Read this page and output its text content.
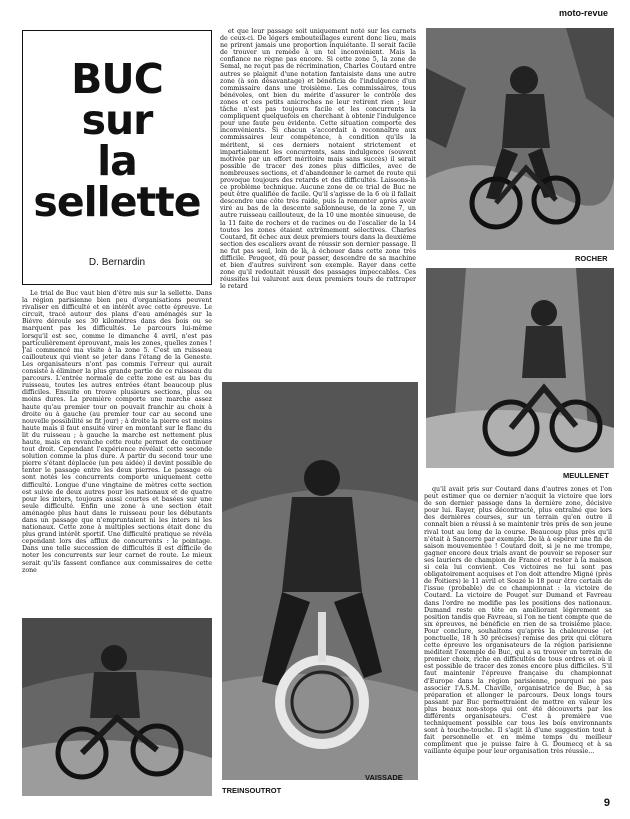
moto-revue
BUC
sur
la
sellette
D. Bernardin

Le trial de Buc vaut bien d'être mis sur la sellette. Dans la région parisienne bien peu d'organisations peuvent rivaliser en difficulté et en intérêt avec cette épreuve. Le circuit, tracé autour des plans d'eau aménagés sur la Bièvre déroule ses 30 kilomètres dans des bois ou se marquent pas les difficultés. Le parcours lui-même lorsqu'il est sec, comme le dimanche 4 avril, n'est pas particulièrement éprouvant, mais les zones, quelles zones ! J'ai commencé ma visite à la zone 5. C'est un ruisseau caillouteux qui vient se jeter dans l'étang de la Geneste. Les organisateurs n'ont pas commis l'erreur qui aurait consisté à éliminer la plus grande partie de ce ruisseau du parcours. L'entrée normale de cette zone est au bas du ruisseau, toutes les autres entrées étant beaucoup plus difficiles. Ensuite on trouve plusieurs sections, plus ou moins dures. La première comporte une marche assez haute qu'au premier tour on pouvait franchir au choix à droite ou à gauche (au premier tour car au second une nouvelle possibilité se fit jour) ; à droite la pierre est moins haute mais il faut ensuite virer en montant sur le flanc du lit du ruisseau ; à gauche la marche est nettement plus haute, mais en revanche cette route permet de continuer tout droit. Cependant l'expérience révélait cette seconde solution comme la plus dure. A partir du second tour une pierre s'étant déplacée (un peu aidée) il devint possible de tenter le passage entre les deux pierres. Le passage où sont notés les concurrents comporte uniquement cette difficulté. Longue d'une vingtaine de mètres cette section est suivie de deux autres pour les nationaux et de quatre pour les inters, toujours aussi courtes et basées sur une seule difficulté. Enfin une zone à une section était aménagée plus haut dans le ruisseau pour les débutants dans un passage que n'empruntaient ni les inters ni les nationaux. Cette zone à multiples sections était donc du plus grand intérêt sportif. Une difficulté pratique se révéla cependant lors des afflux de concurrents : le pointage. Dans une telle succession de difficultés il est difficile de noter les concurrents sur leur carnet de route. Le mieux serait qu'ils fassent confiance aux commissaires de cette zone

et que leur passage soit uniquement noté sur les carnets de ceux-ci. De légers embouteillages eurent donc lieu, mais ne prirent jamais une proportion inquiétante. Il serait facile de trouver un remède à un tel inconvénient. Mais la confiance ne règne pas encore. Si cette zone 5, la zone de Semal, ne reçut pas de récrimination, Charles Coutard entre autres se plaignit d'une notation fantaisiste dans une autre zone (à son désavantage) et bénéficia de l'indulgence d'un commissaire dans une troisième. Les commissaires, tous bénévoles, ont bien du mérite d'assurer le contrôle des zones et ces petits anicroches ne leur retirent rien ; leur tâche n'est pas toujours facile et les concurrents la compliquent quelquefois en cherchant à obtenir l'indulgence pour une faute peu évidente. Cette situation comporte des inconvénients. Si chacun s'accordait à reconnaître aux commissaires leur compétence, à condition qu'ils la méritent, si ces derniers notaient strictement et impartialement les concurrents, sans indulgence (souvent motivée par un effort méritoire mais sans succès) il serait possible de tracer des zones plus difficiles, avec de nombreuses sections, et d'abandonner le carnet de route qui provoque toujours des retards et des difficultés. Laissons-là ce problème technique. Aucune zone de ce trial de Buc ne peut être qualifiée de facile. Qu'il s'agisse de la 6 où il fallait descendre une côte très raide, puis la remonter après avoir viré au bas de la descente sablonneuse, de la zone 7, un autre ruisseau caillouteux, de la 10 une montée sinueuse, de la 11 faite de rochers et de racines ou de l'escalier de la 14 toutes les zones étaient extrêmement sélectives. Charles Coutard, fit échec aux deux premiers tours dans la deuxième section des escaliers avant de réussir son dernier passage. Il ne fut pas seul, loin de là, à échouer dans cette zone très difficile. Peugeot, dû pour passer, descendre de sa machine et bien d'autres suivirent son exemple. Rayer dans cette zone qu'il redoutait réussit des passages impeccables. Ces réussites lui valurent aux deux premiers tours de rattraper le retard

qu'il avait pris sur Coutard dans d'autres zones et l'on peut estimer que ce dernier n'acquit la victoire que lors de son dernier passage dans la dernière zone, décisive pour lui. Rayer, plus décontracté, plus entraîné que lors des dernières courses, sur un terrain qu'en outre il connaît bien a réussi à se maintenir très près de son jeune rival tout au long de la course. Beaucoup plus près qu'il n'était à Sancerre par exemple. De là à espérer une fin de saison mouvementée ! Coutard doit, si je ne me trompe, gagner encore deux trials avant de pouvoir se reposer sur ses lauriers de champion de France et rester à la maison si cela lui convient. Ces victoires ne lui sont pas obligatoirement acquises et l'on doit attendre Migné (près de Poitiers) le 11 avril et Souzé le 18 pour être certain de l'issue (probable) de ce championnat : la victoire de Coutard. La victoire de Pouget sur Dumand et Favreau dans l'ordre ne modifie pas les positions des nationaux. Dumand reste en tête en améliorant légèrement sa position tandis que Favreau, si l'on ne tient compte que de six épreuves, ne bénéficie en rien de sa troisième place. Pour conclure, souhaitons qu'après la chaleureuse (et ponctuelle, 18 h 30 précises) remise des prix qui clôtura cette épreuve les organisateurs de la région parisienne méditent l'exemple de Buc, qui a su trouver un terrain de premier choix, riche en difficultés de tous ordres et où il est possible de tracer des zones encore plus difficiles. S'il faut maintenir l'épreuve française du championnat d'Europe dans la région parisienne, pourquoi ne pas associer l'A.S.M. Chaville, organisatrice de Buc, à sa préparation et allonger le parcours. Deux longs tours passant par Buc permettraient de mettre en valeur les plus beaux non-stops qui ont été découverts par les différents organisateurs. C'est à première vue techniquement possible car tous les bois environnants sont à touche-touche. Il s'agit là d'une suggestion tout à fait personnelle et en même temps du meilleur compliment que je puisse faire à G. Doumecq et à sa vaillante équipe pour leur organisation très réussie...

ROCHER
MEULLENET
VAISSADE
TREINSOUTROT
9
